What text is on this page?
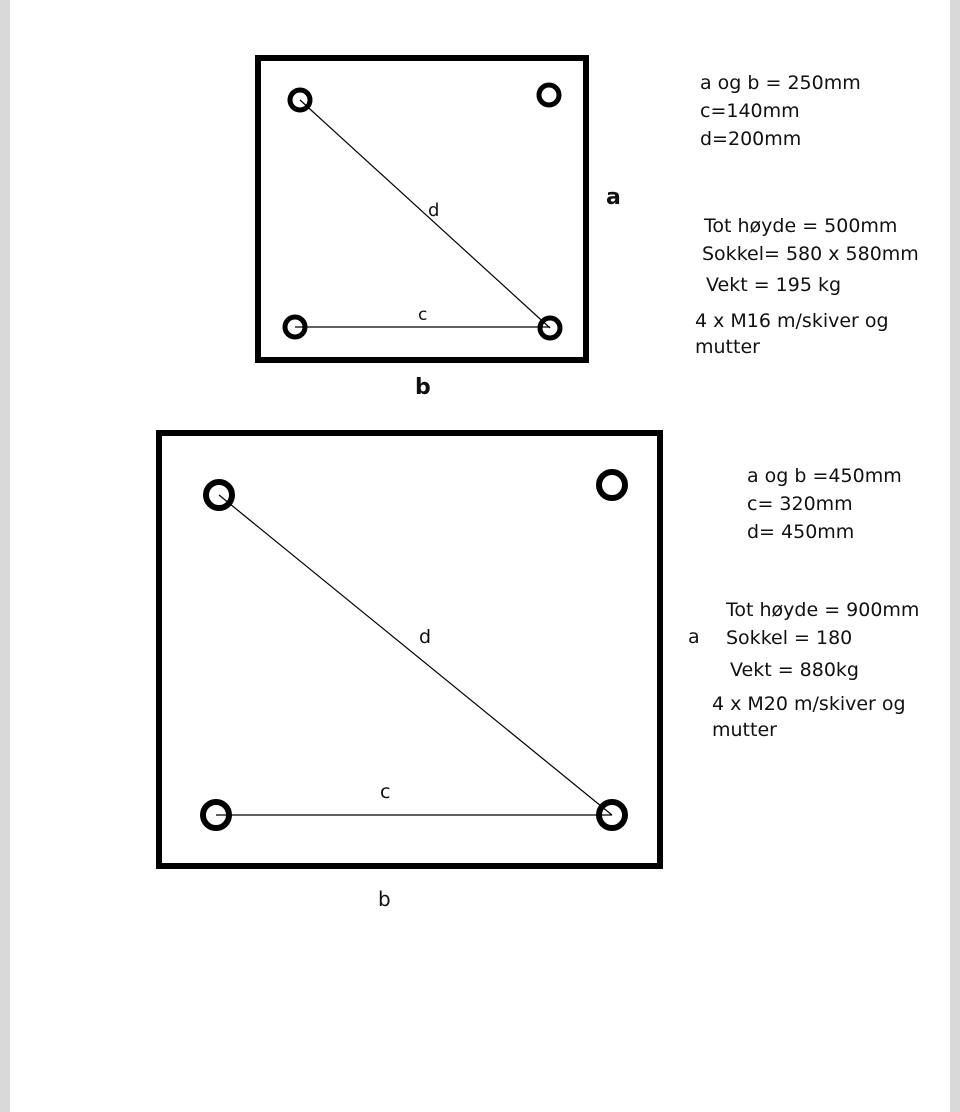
d
c
a
b
d
c
a
b
a og b = 250mm
c=140mm
d=200mm
Tot høyde = 500mm
Sokkel= 580 x 580mm
Vekt = 195 kg
4 x M16 m/skiver og
mutter
a og b =450mm
c= 320mm
d= 450mm
Tot høyde = 900mm
Sokkel = 180
Vekt = 880kg
4 x M20 m/skiver og
mutter
